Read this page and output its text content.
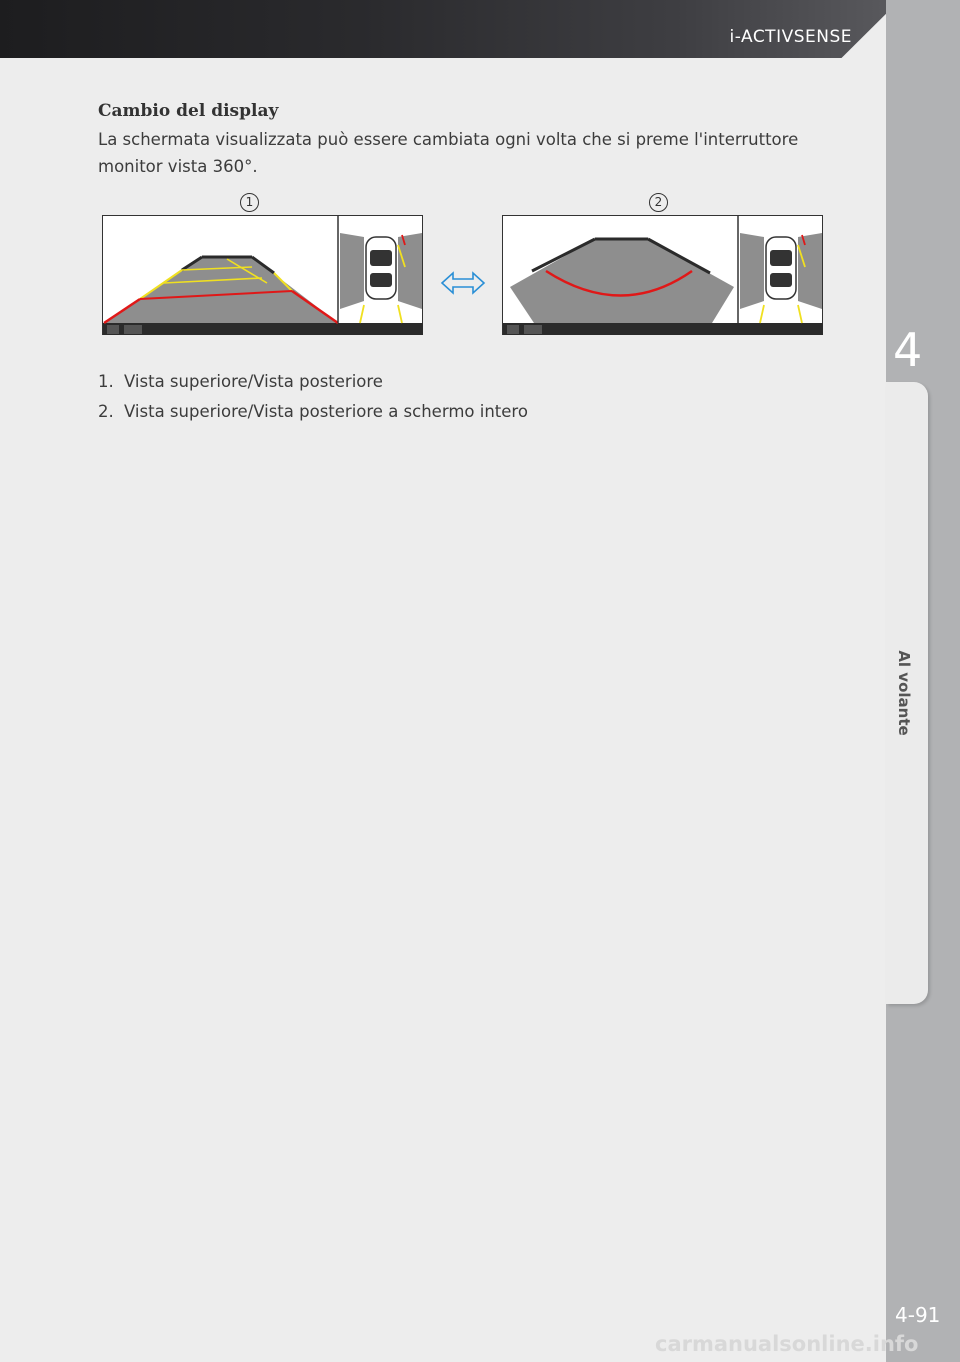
i-ACTIVSENSE
4
Al volante
Cambio del display
La schermata visualizzata può essere cambiata ogni volta che si preme l'interruttore monitor vista 360°.
1	2
1. Vista superiore/Vista posteriore
2. Vista superiore/Vista posteriore a schermo intero
4-91
carmanualsonline.info
